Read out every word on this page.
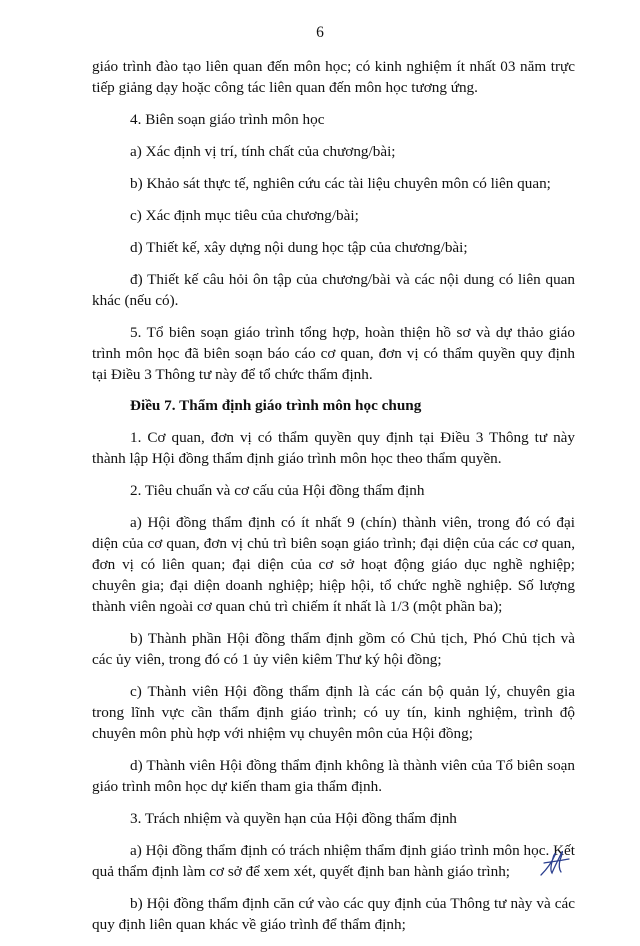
6

giáo trình đào tạo liên quan đến môn học; có kinh nghiệm ít nhất 03 năm trực tiếp giảng dạy hoặc công tác liên quan đến môn học tương ứng.

4. Biên soạn giáo trình môn học

a) Xác định vị trí, tính chất của chương/bài;

b) Khảo sát thực tế, nghiên cứu các tài liệu chuyên môn có liên quan;

c) Xác định mục tiêu của chương/bài;

d) Thiết kế, xây dựng nội dung học tập của chương/bài;

đ) Thiết kế câu hỏi ôn tập của chương/bài và các nội dung có liên quan khác (nếu có).

5. Tổ biên soạn giáo trình tổng hợp, hoàn thiện hồ sơ và dự thảo giáo trình môn học đã biên soạn báo cáo cơ quan, đơn vị có thẩm quyền quy định tại Điều 3 Thông tư này để tổ chức thẩm định.

Điều 7. Thẩm định giáo trình môn học chung

1. Cơ quan, đơn vị có thẩm quyền quy định tại Điều 3 Thông tư này thành lập Hội đồng thẩm định giáo trình môn học theo thẩm quyền.

2. Tiêu chuẩn và cơ cấu của Hội đồng thẩm định

a) Hội đồng thẩm định có ít nhất 9 (chín) thành viên, trong đó có đại diện của cơ quan, đơn vị chủ trì biên soạn giáo trình; đại diện của các cơ quan, đơn vị có liên quan; đại diện của cơ sở hoạt động giáo dục nghề nghiệp; chuyên gia; đại diện doanh nghiệp; hiệp hội, tổ chức nghề nghiệp. Số lượng thành viên ngoài cơ quan chủ trì chiếm ít nhất là 1/3 (một phần ba);

b) Thành phần Hội đồng thẩm định gồm có Chủ tịch, Phó Chủ tịch và các ủy viên, trong đó có 1 ủy viên kiêm Thư ký hội đồng;

c) Thành viên Hội đồng thẩm định là các cán bộ quản lý, chuyên gia trong lĩnh vực cần thẩm định giáo trình; có uy tín, kinh nghiệm, trình độ chuyên môn phù hợp với nhiệm vụ chuyên môn của Hội đồng;

d) Thành viên Hội đồng thẩm định không là thành viên của Tổ biên soạn giáo trình môn học dự kiến tham gia thẩm định.

3. Trách nhiệm và quyền hạn của Hội đồng thẩm định

a) Hội đồng thẩm định có trách nhiệm thẩm định giáo trình môn học. Kết quả thẩm định làm cơ sở để xem xét, quyết định ban hành giáo trình;

b) Hội đồng thẩm định căn cứ vào các quy định của Thông tư này và các quy định liên quan khác về giáo trình để thẩm định;
